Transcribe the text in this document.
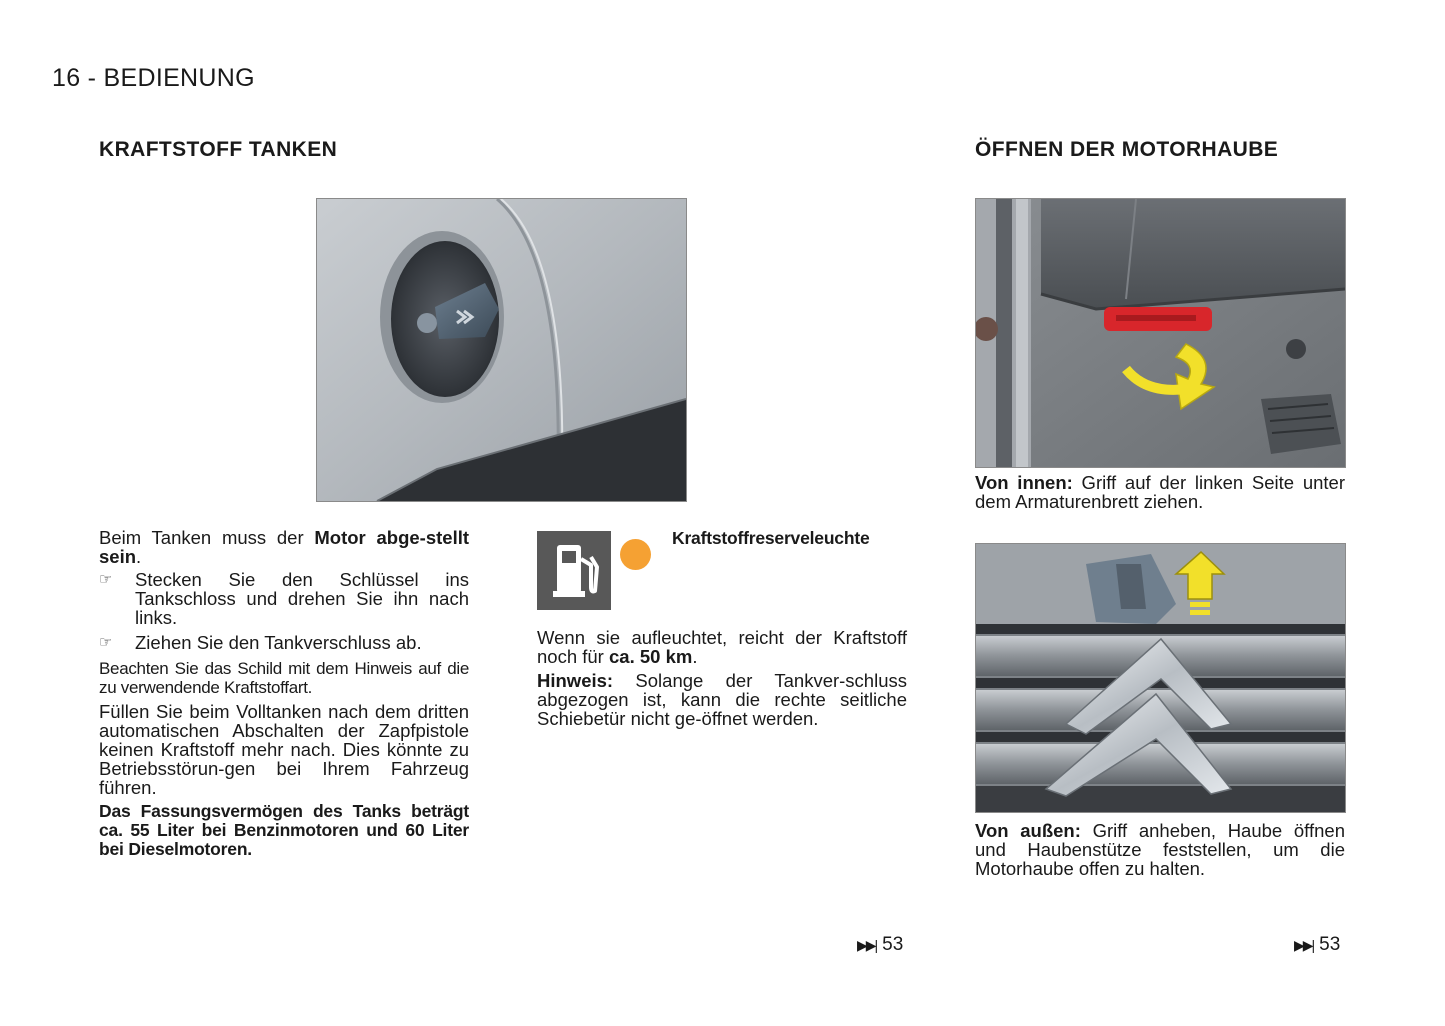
16 - BEDIENUNG
KRAFTSTOFF TANKEN

Beim Tanken muss der Motor abge-stellt sein.

☞ Stecken Sie den Schlüssel ins Tankschloss und drehen Sie ihn nach links.

☞ Ziehen Sie den Tankverschluss ab.

Beachten Sie das Schild mit dem Hinweis auf die zu verwendende Kraftstoffart.

Füllen Sie beim Volltanken nach dem dritten automatischen Abschalten der Zapfpistole keinen Kraftstoff mehr nach. Dies könnte zu Betriebsstörun-gen bei Ihrem Fahrzeug führen.

Das Fassungsvermögen des Tanks beträgt ca. 55 Liter bei Benzinmotoren und 60 Liter bei Dieselmotoren.

Kraftstoffreserveleuchte

Wenn sie aufleuchtet, reicht der Kraftstoff noch für ca. 50 km.

Hinweis: Solange der Tankver-schluss abgezogen ist, kann die rechte seitliche Schiebetür nicht ge-öffnet werden.

▶▶| 53
ÖFFNEN DER MOTORHAUBE

Von innen: Griff auf der linken Seite unter dem Armaturenbrett ziehen.

Von außen: Griff anheben, Haube öffnen und Haubenstütze feststellen, um die Motorhaube offen zu halten.

▶▶| 53
